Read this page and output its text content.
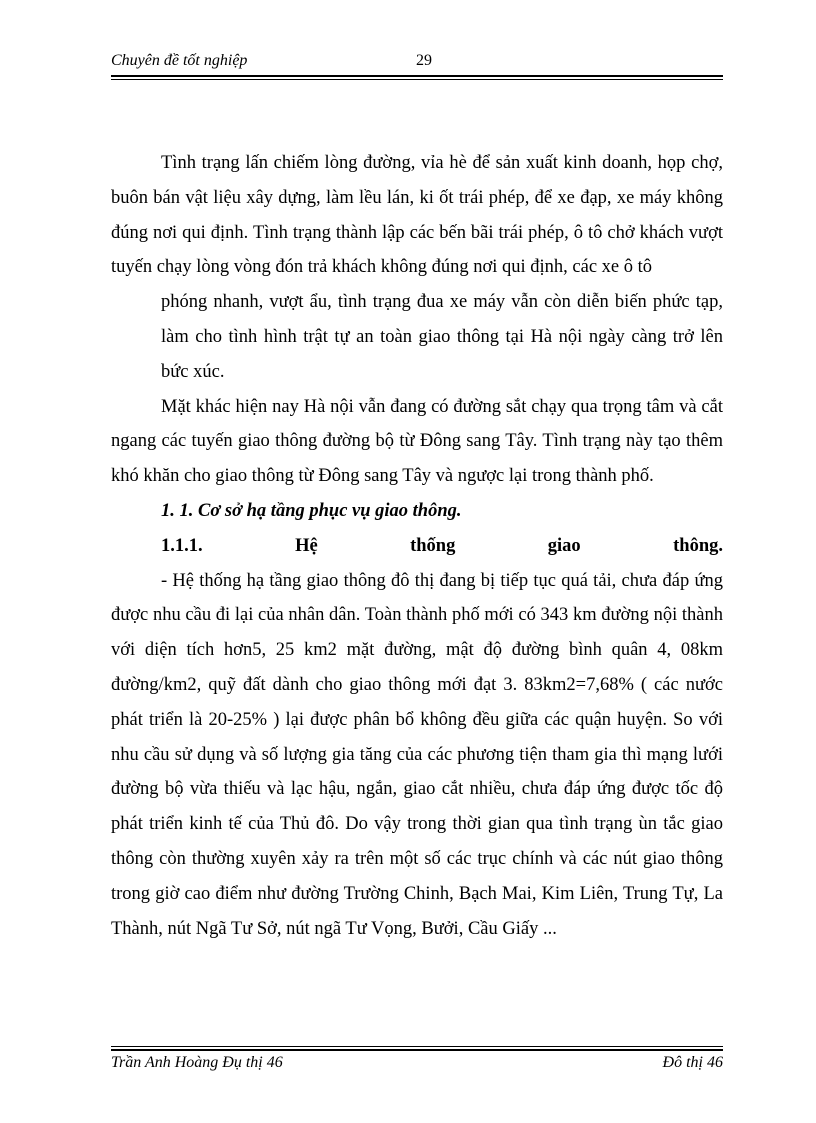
Chuyên đề tốt nghiệp	29

Tình trạng lấn chiếm lòng đường, vỉa hè để sản xuất kinh doanh, họp chợ, buôn bán vật liệu xây dựng, làm lều lán, ki ốt trái phép, để xe đạp, xe máy không đúng nơi qui định. Tình trạng thành lập các bến bãi trái phép, ô tô chở khách vượt tuyến chạy lòng vòng đón trả khách không đúng nơi qui định, các xe ô tô

phóng nhanh, vượt ẩu, tình trạng đua xe máy vẫn còn diễn biến phức tạp, làm cho tình hình trật tự an toàn giao thông tại Hà nội ngày càng trở lên bức xúc.

Mặt khác hiện nay Hà nội vẫn đang có đường sắt chạy qua trọng tâm và cắt ngang các tuyến giao thông đường bộ từ Đông sang Tây. Tình trạng này tạo thêm khó khăn cho giao thông từ Đông sang Tây và ngược lại trong thành phố.

1. 1. Cơ sở hạ tầng phục vụ giao thông.

1.1.1.	Hệ	thống	giao	thông.

- Hệ thống hạ tầng giao thông đô thị đang bị tiếp tục quá tải, chưa đáp ứng được nhu cầu đi lại của nhân dân. Toàn thành phố mới có 343 km đường nội thành với diện tích hơn5, 25 km2 mặt đường, mật độ đường bình quân 4, 08km đường/km2, quỹ đất dành cho giao thông mới đạt 3. 83km2=7,68% ( các nước phát triển là 20-25% ) lại được phân bổ không đều giữa các quận huyện. So với nhu cầu sử dụng và số lượng gia tăng của các phương tiện tham gia thì mạng lưới đường bộ vừa thiếu và lạc hậu, ngắn, giao cắt nhiều, chưa đáp ứng được tốc độ phát triển kinh tế của Thủ đô. Do vậy trong thời gian qua tình trạng ùn tắc giao thông còn thường xuyên xảy ra trên một số các trục chính và các nút giao thông trong giờ cao điểm như đường Trường Chinh, Bạch Mai, Kim Liên, Trung Tự, La Thành, nút Ngã Tư Sở, nút ngã Tư Vọng, Bưởi, Cầu Giấy ...

Trần Anh Hoàng Đụ thị 46	Đô thị 46
